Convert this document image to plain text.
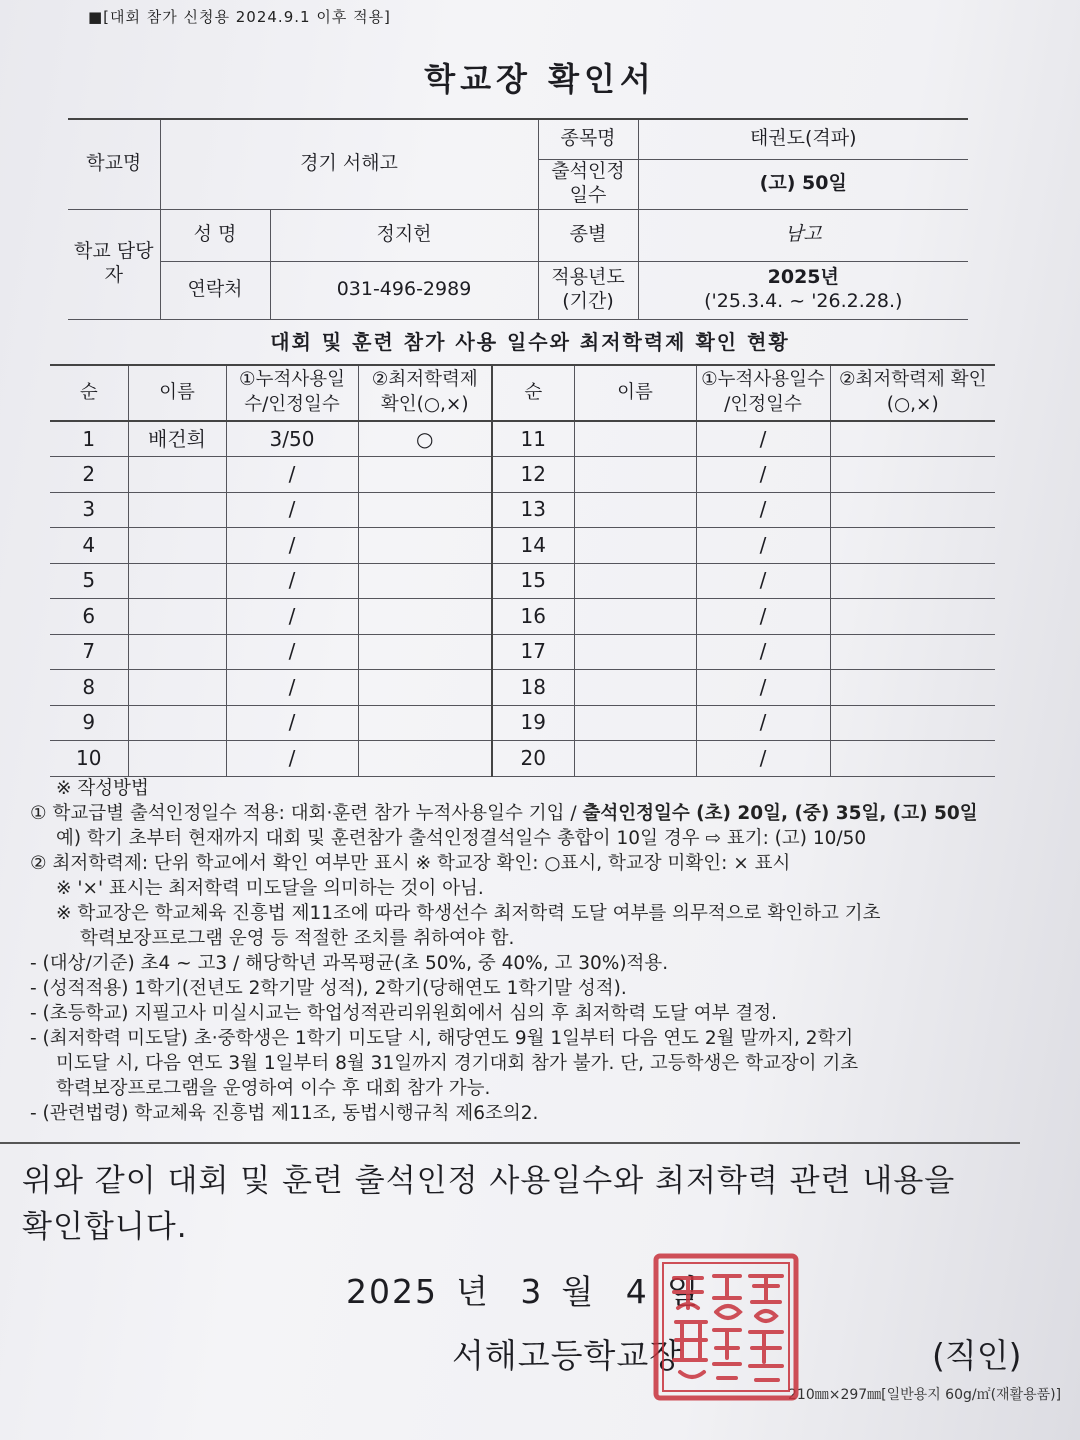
■[대회 참가 신청용 2024.9.1 이후 적용]
학교장 확인서
학교명	경기 서해고		종목명	태권도(격파)
			출석인정 일수	(고) 50일
학교 담당자	성 명	정지헌	종별	남고
	연락처	031-496-2989	적용년도 (기간)	2025년
('25.3.4. ~ '26.2.28.)
대회 및 훈련 참가 사용 일수와 최저학력제 확인 현황
순	이름	①누적사용일 수/인정일수	②최저학력제 확인(○,×)	순	이름	①누적사용일수 /인정일수	②최저학력제 확인(○,×)
1	배건희	3/50	○	11		/	
2		/		12		/	
3		/		13		/	
4		/		14		/	
5		/		15		/	
6		/		16		/	
7		/		17		/	
8		/		18		/	
9		/		19		/	
10		/		20		/	

※ 작성방법

① 학교급별 출석인정일수 적용: 대회·훈련 참가 누적사용일수 기입 / 출석인정일수 (초) 20일, (중) 35일, (고) 50일

예) 학기 초부터 현재까지 대회 및 훈련참가 출석인정결석일수 총합이 10일 경우 ⇨ 표기: (고) 10/50

② 최저학력제: 단위 학교에서 확인 여부만 표시 ※ 학교장 확인: ○표시, 학교장 미확인: × 표시

※ '×' 표시는 최저학력 미도달을 의미하는 것이 아님.

※ 학교장은 학교체육 진흥법 제11조에 따라 학생선수 최저학력 도달 여부를 의무적으로 확인하고 기초

학력보장프로그램 운영 등 적절한 조치를 취하여야 함.

- (대상/기준) 초4 ~ 고3 / 해당학년 과목평균(초 50%, 중 40%, 고 30%)적용.

- (성적적용) 1학기(전년도 2학기말 성적), 2학기(당해연도 1학기말 성적).

- (초등학교) 지필고사 미실시교는 학업성적관리위원회에서 심의 후 최저학력 도달 여부 결정.

- (최저학력 미도달) 초·중학생은 1학기 미도달 시, 해당연도 9월 1일부터 다음 연도 2월 말까지, 2학기

미도달 시, 다음 연도 3월 1일부터 8월 31일까지 경기대회 참가 불가. 단, 고등학생은 학교장이 기초

학력보장프로그램을 운영하여 이수 후 대회 참가 가능.

- (관련법령) 학교체육 진흥법 제11조, 동법시행규칙 제6조의2.

위와 같이 대회 및 훈련 출석인정 사용일수와 최저학력 관련 내용을
확인합니다.
2025 년 3 월 4 일
서해고등학교장	(직인)
210㎜×297㎜[일반용지 60g/㎡(재활용품)]
